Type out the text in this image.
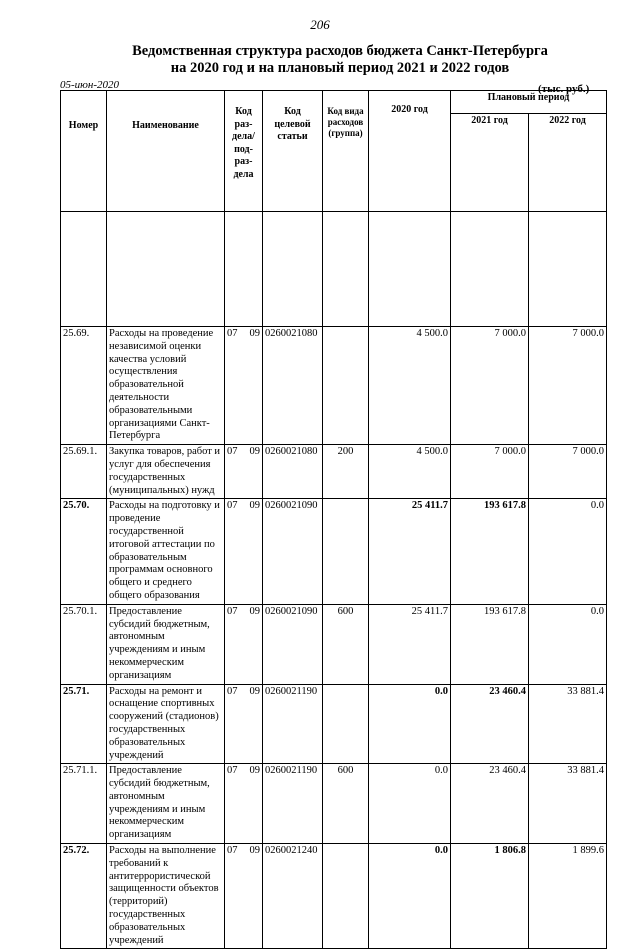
206
Ведомственная структура расходов бюджета Санкт-Петербурга
на 2020 год и на плановый период 2021 и 2022 годов
05-июн-2020	(тыс. руб.)
Номер	Наименование	Код раз-дела/ под-раз-дела	Код целевой статьи	Код вида расходов (группа)	2020 год	Плановый период	
						2021 год	2022 год

25.69.	Расходы на проведение независимой оценки качества условий осуществления образовательной деятельности образовательными организациями Санкт-Петербурга	07 09	0260021080		4 500.0	7 000.0	7 000.0
25.69.1.	Закупка товаров, работ и услуг для обеспечения государственных (муниципальных) нужд	07 09	0260021080	200	4 500.0	7 000.0	7 000.0
25.70.	Расходы на подготовку и проведение государственной итоговой аттестации по образовательным программам основного общего и среднего общего образования	07 09	0260021090		25 411.7	193 617.8	0.0
25.70.1.	Предоставление субсидий бюджетным, автономным учреждениям и иным некоммерческим организациям	07 09	0260021090	600	25 411.7	193 617.8	0.0
25.71.	Расходы на ремонт и оснащение спортивных сооружений (стадионов) государственных образовательных учреждений	07 09	0260021190		0.0	23 460.4	33 881.4
25.71.1.	Предоставление субсидий бюджетным, автономным учреждениям и иным некоммерческим организациям	07 09	0260021190	600	0.0	23 460.4	33 881.4
25.72.	Расходы на выполнение требований к антитеррористической защищенности объектов (территорий) государственных образовательных учреждений	07 09	0260021240		0.0	1 806.8	1 899.6
